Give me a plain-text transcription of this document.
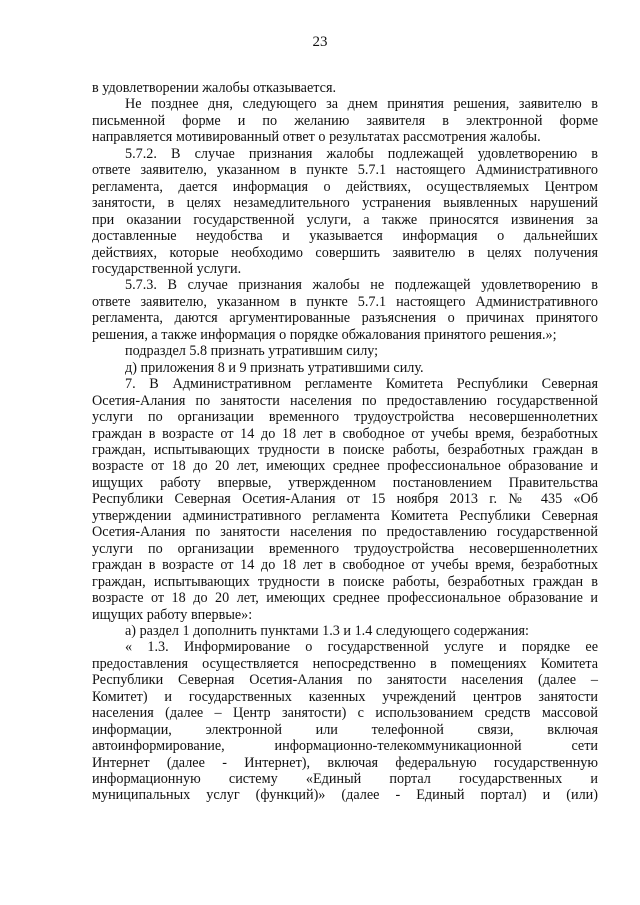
23
в удовлетворении жалобы отказывается.
Не позднее дня, следующего за днем принятия решения, заявителю в
письменной форме и по желанию заявителя в электронной форме
направляется мотивированный ответ о результатах рассмотрения жалобы.
5.7.2. В случае признания жалобы подлежащей удовлетворению в
ответе заявителю, указанном в пункте 5.7.1 настоящего Административного
регламента, дается информация о действиях, осуществляемых Центром
занятости, в целях незамедлительного устранения выявленных нарушений
при оказании государственной услуги, а также приносятся извинения за
доставленные неудобства и указывается информация о дальнейших
действиях, которые необходимо совершить заявителю в целях получения
государственной услуги.
5.7.3. В случае признания жалобы не подлежащей удовлетворению в
ответе заявителю, указанном в пункте 5.7.1 настоящего Административного
регламента, даются аргументированные разъяснения о причинах принятого
решения, а также информация о порядке обжалования принятого решения.»;
подраздел 5.8 признать утратившим силу;
д) приложения 8 и 9 признать утратившими силу.
7. В Административном регламенте Комитета Республики Северная
Осетия-Алания по занятости населения по предоставлению государственной
услуги по организации временного трудоустройства несовершеннолетних
граждан в возрасте от 14 до 18 лет в свободное от учебы время, безработных
граждан, испытывающих трудности в поиске работы, безработных граждан в
возрасте от 18 до 20 лет, имеющих среднее профессиональное образование и
ищущих работу впервые, утвержденном постановлением Правительства
Республики Северная Осетия-Алания от 15 ноября 2013 г. № 435 «Об
утверждении административного регламента Комитета Республики Северная
Осетия-Алания по занятости населения по предоставлению государственной
услуги по организации временного трудоустройства несовершеннолетних
граждан в возрасте от 14 до 18 лет в свободное от учебы время, безработных
граждан, испытывающих трудности в поиске работы, безработных граждан в
возрасте от 18 до 20 лет, имеющих среднее профессиональное образование и
ищущих работу впервые»:
а) раздел 1 дополнить пунктами 1.3 и 1.4 следующего содержания:
« 1.3. Информирование о государственной услуге и порядке ее
предоставления осуществляется непосредственно в помещениях Комитета
Республики Северная Осетия-Алания по занятости населения (далее –
Комитет) и государственных казенных учреждений центров занятости
населения (далее – Центр занятости) с использованием средств массовой
информации, электронной или телефонной связи, включая
автоинформирование, информационно-телекоммуникационной сети
Интернет (далее - Интернет), включая федеральную государственную
информационную систему «Единый портал государственных и
муниципальных услуг (функций)» (далее - Единый портал) и (или)
